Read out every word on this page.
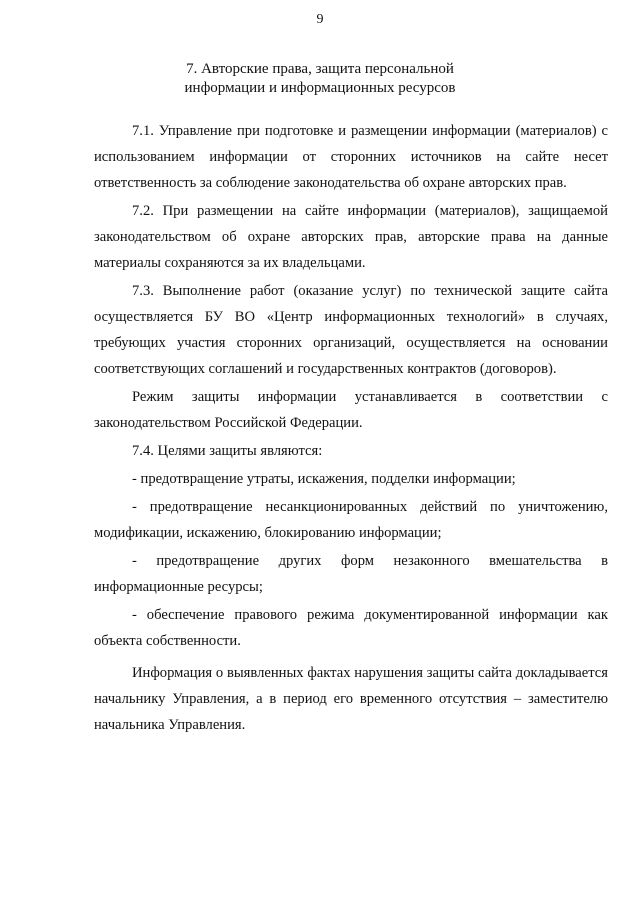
9
7. Авторские права, защита персональной
информации и информационных ресурсов

7.1. Управление при подготовке и размещении информации (материалов) с использованием информации от сторонних источников на сайте несет ответственность за соблюдение законодательства об охране авторских прав.

7.2. При размещении на сайте информации (материалов), защищаемой законодательством об охране авторских прав, авторские права на данные материалы сохраняются за их владельцами.

7.3. Выполнение работ (оказание услуг) по технической защите сайта осуществляется БУ ВО «Центр информационных технологий» в случаях, требующих участия сторонних организаций, осуществляется на основании соответствующих соглашений и государственных контрактов (договоров).

Режим защиты информации устанавливается в соответствии с законодательством Российской Федерации.

7.4. Целями защиты являются:

- предотвращение утраты, искажения, подделки информации;

- предотвращение несанкционированных действий по уничтожению, модификации, искажению, блокированию информации;

- предотвращение других форм незаконного вмешательства в информационные ресурсы;

- обеспечение правового режима документированной информации как объекта собственности.

Информация о выявленных фактах нарушения защиты сайта докладывается начальнику Управления, а в период его временного отсутствия – заместителю начальника Управления.
